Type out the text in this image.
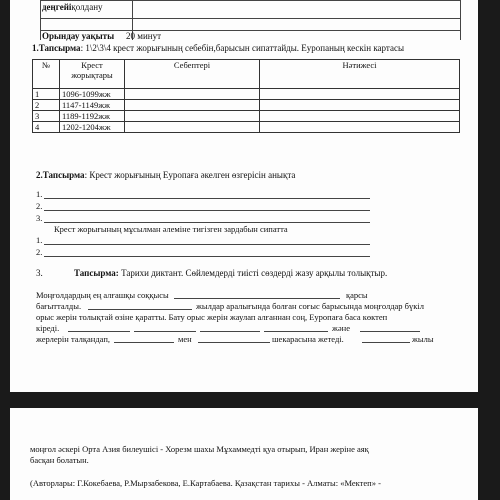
деңгейіқолдану
Орындау уақыты 20 минут
1.Тапсырма: 1\2\3\4 крест жорығының себебін,барысын сипаттайды. Еуропаның кескін картасы
№	Крест жорықтары	Себептері	Нәтижесі
1	1096-1099жж		
2	1147-1149жж		
3	1189-1192жж		
4	1202-1204жж		
2.Тапсырма: Крест жорығының Еуропаға әкелген өзгерісін анықта
1.
2.
3.
Крест жорығының мұсылман әлеміне тигізген зардабын сипатта
1.
2.
3.	Тапсырма: Тарихи диктант. Сөйлемдерді тиісті сөздерді жазу арқылы толықтыр.
Моңғолдардың ең алғашқы соққысы	қарсы
бағытталды.	жылдар аралығында болған соғыс барысында моңғолдар бүкіл
орыс жерін толықтай өзіне қаратты. Бату орыс жерін жаулап алғаннан соң, Еуропаға баса көктеп
кіреді.	жәнe
жерлерін талқандап,	мен	шекарасына жетеді.	жылы
моңғол әскері Орта Азия билеушісі - Хорезм шахы Мұхаммедті қуа отырып, Иран жеріне аяқ
басқан болатын.
(Авторлары: Г.Кокебаева, Р.Мырзабекова, Е.Картабаева. Қазақстан тарихы - Алматы: «Мектеп» -
